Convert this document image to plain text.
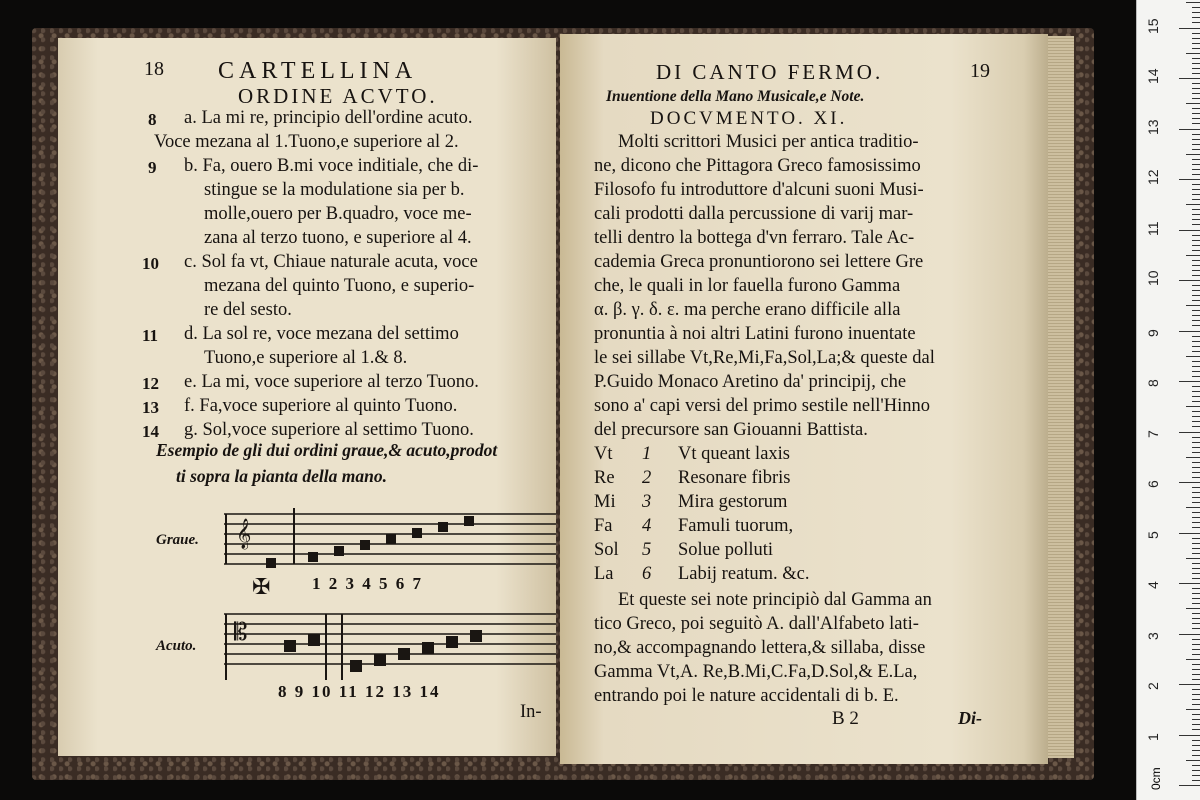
18 CARTELLINA
ORDINE ACVTO.
8 a. La mi re, principio dell'ordine acuto.
Voce mezana al 1.Tuono,e superiore al 2.
9 b. Fa, ouero B.mi voce inditiale, che di-
stingue se la modulatione sia per b.
molle,ouero per B.quadro, voce me-
zana al terzo tuono, e superiore al 4.
10 c. Sol fa vt, Chiaue naturale acuta, voce
mezana del quinto Tuono, e superio-
re del sesto.
11 d. La sol re, voce mezana del settimo
Tuono,e superiore al 1.& 8.
12 e. La mi, voce superiore al terzo Tuono.
13 f. Fa,voce superiore al quinto Tuono.
14 g. Sol,voce superiore al settimo Tuono.
Esempio de gli dui ordini graue,& acuto,prodot
ti sopra la pianta della mano.
Graue. 𝄞
✠ 1 2 3 4 5 6 7
Acuto. 𝄡
8 9 10 11 12 13 14
In-
DI CANTO FERMO.	19
Inuentione della Mano Musicale,e Note.
DOCVMENTO. XI.
Molti scrittori Musici per antica traditio-
ne, dicono che Pittagora Greco famosissimo
Filosofo fu introduttore d'alcuni suoni Musi-
cali prodotti dalla percussione di varij mar-
telli dentro la bottega d'vn ferraro. Tale Ac-
cademia Greca pronuntiorono sei lettere Gre
che, le quali in lor fauella furono Gamma
α. β. γ. δ. ε. ma perche erano difficile alla
pronuntia à noi altri Latini furono inuentate
le sei sillabe Vt,Re,Mi,Fa,Sol,La;& queste dal
P.Guido Monaco Aretino da' principij, che
sono a' capi versi del primo sestile nell'Hinno
del precursore san Giouanni Battista.
Vt 1 Vt queant laxis
Re 2 Resonare fibris
Mi 3 Mira gestorum
Fa 4 Famuli tuorum,
Sol 5 Solue polluti
La 6 Labij reatum. &c.
Et queste sei note principiò dal Gamma an
tico Greco, poi seguitò A. dall'Alfabeto lati-
no,& accompagnando lettera,& sillaba, disse
Gamma Vt,A. Re,B.Mi,C.Fa,D.Sol,& E.La,
entrando poi le nature accidentali di b. E.
B 2	Di-
1
2
3
4
5
6
7
8
9
10
11
12
13
14
15
0cm
